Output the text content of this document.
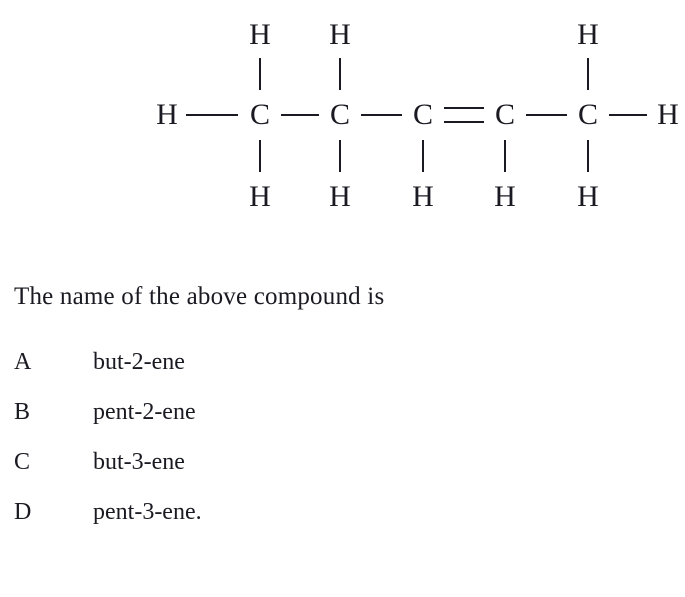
H H	H
H C C C C C H
H H H H H
The name of the above compound is
A	but-2-ene
B	pent-2-ene
C	but-3-ene
D	pent-3-ene.
